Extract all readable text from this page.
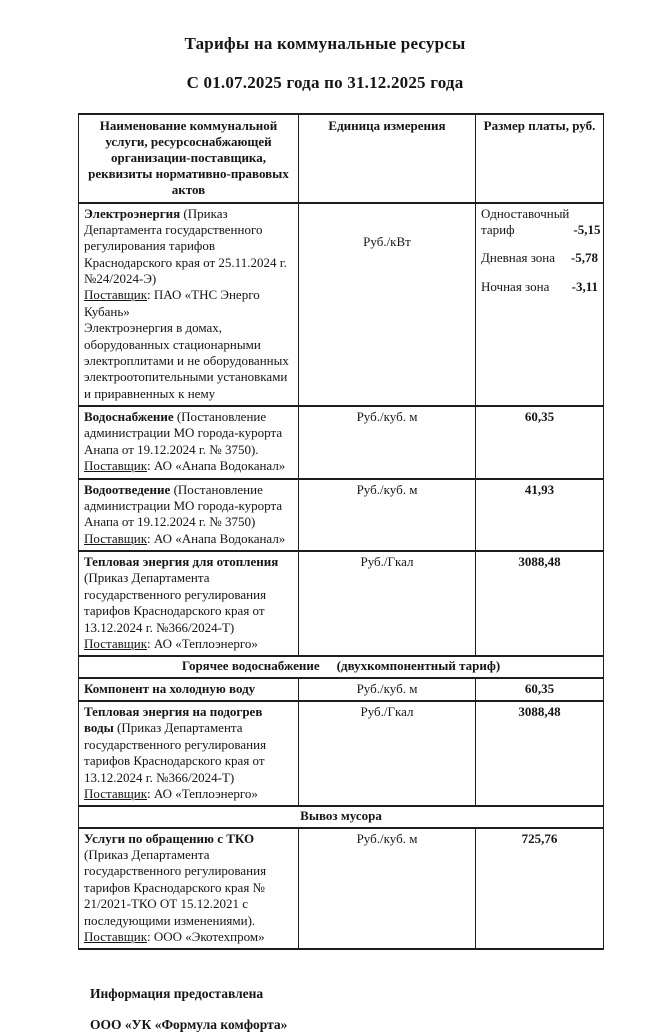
Тарифы на коммунальные ресурсы
С 01.07.2025 года по 31.12.2025 года
Наименование коммунальной услуги, ресурсоснабжающей организации-поставщика, реквизиты нормативно-правовых актов	Единица измерения	Размер платы, руб.

Электроэнергия (Приказ Департамента государственного регулирования тарифов Краснодарского края от 25.11.2024 г. №24/2024-Э)
Поставщик: ПАО «ТНС Энерго Кубань»
Электроэнергия в домах, оборудованных стационарными электроплитами и не оборудованных электроотопительными установками и приравненных к нему
	Руб./кВт	
Одноставочный тариф	-5,15
Дневная зона	-5,78
Ночная зона	-3,11

Водоснабжение (Постановление администрации МО города-курорта Анапа от 19.12.2024 г. № 3750).
Поставщик: АО «Анапа Водоканал»	Руб./куб. м	60,35

Водоотведение (Постановление администрации МО города-курорта Анапа от 19.12.2024 г. № 3750)
Поставщик: АО «Анапа Водоканал»	Руб./куб. м	41,93

Тепловая энергия для отопления (Приказ Департамента государственного регулирования тарифов Краснодарского края от 13.12.2024 г. №366/2024-Т)
Поставщик: АО «Теплоэнерго»	Руб./Гкал	3088,48

Горячее водоснабжение (двухкомпонентный тариф)		

Компонент на холодную воду	Руб./куб. м	60,35

Тепловая энергия на подогрев воды (Приказ Департамента государственного регулирования тарифов Краснодарского края от 13.12.2024 г. №366/2024-Т)
Поставщик: АО «Теплоэнерго»	Руб./Гкал	3088,48

Вывоз мусора		

Услуги по обращению с ТКО (Приказ Департамента государственного регулирования тарифов Краснодарского края № 21/2021-ТКО ОТ 15.12.2021 с последующими изменениями).
Поставщик: ООО «Экотехпром»	Руб./куб. м	725,76
Информация предоставлена
ООО «УК «Формула комфорта»
